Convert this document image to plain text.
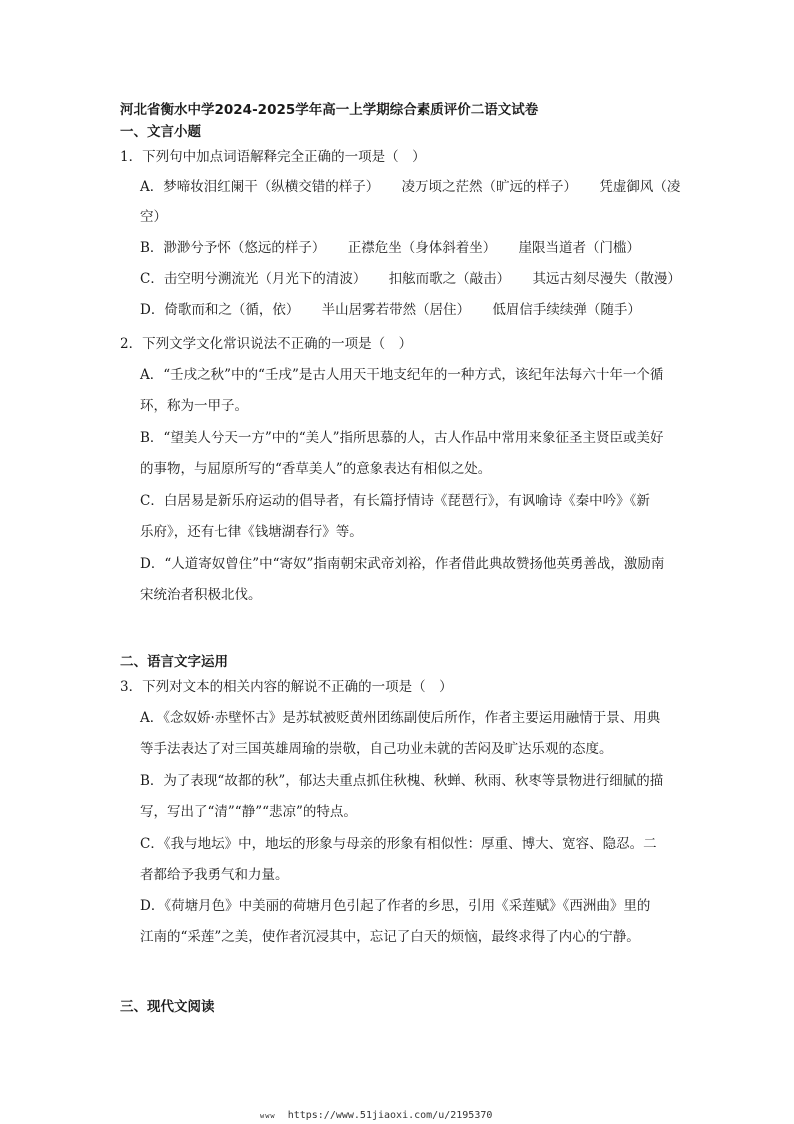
河北省衡水中学2024-2025学年高一上学期综合素质评价二语文试卷
一、文言小题
1．下列句中加点词语解释完全正确的一项是（　）
A．梦啼妆泪红阑干（纵横交错的样子） 凌万顷之茫然（旷远的样子） 凭虚御风（凌
空）
B．渺渺兮予怀（悠远的样子） 正襟危坐（身体斜着坐） 崖限当道者（门槛）
C．击空明兮溯流光（月光下的清波） 扣舷而歌之（敲击） 其远古刻尽漫失（散漫）
D．倚歌而和之（循，依） 半山居雾若带然（居住） 低眉信手续续弹（随手）
2．下列文学文化常识说法不正确的一项是（　）
A．“壬戌之秋”中的“壬戌”是古人用天干地支纪年的一种方式，该纪年法每六十年一个循
环，称为一甲子。
B．“望美人兮天一方”中的“美人”指所思慕的人，古人作品中常用来象征圣主贤臣或美好
的事物，与屈原所写的“香草美人”的意象表达有相似之处。
C．白居易是新乐府运动的倡导者，有长篇抒情诗《琵琶行》，有讽喻诗《秦中吟》《新
乐府》，还有七律《钱塘湖春行》等。
D．“人道寄奴曾住”中“寄奴”指南朝宋武帝刘裕，作者借此典故赞扬他英勇善战，激励南
宋统治者积极北伐。
二、语言文字运用
3．下列对文本的相关内容的解说不正确的一项是（　）
A．《念奴娇·赤壁怀古》是苏轼被贬黄州团练副使后所作，作者主要运用融情于景、用典
等手法表达了对三国英雄周瑜的崇敬，自己功业未就的苦闷及旷达乐观的态度。
B．为了表现“故都的秋”，郁达夫重点抓住秋槐、秋蝉、秋雨、秋枣等景物进行细腻的描
写，写出了“清”“静”“悲凉”的特点。
C．《我与地坛》中，地坛的形象与母亲的形象有相似性：厚重、博大、宽容、隐忍。二
者都给予我勇气和力量。
D．《荷塘月色》中美丽的荷塘月色引起了作者的乡思，引用《采莲赋》《西洲曲》里的
江南的“采莲”之美，使作者沉浸其中，忘记了白天的烦恼，最终求得了内心的宁静。
三、现代文阅读
www https://www.51jiaoxi.com/u/2195370
